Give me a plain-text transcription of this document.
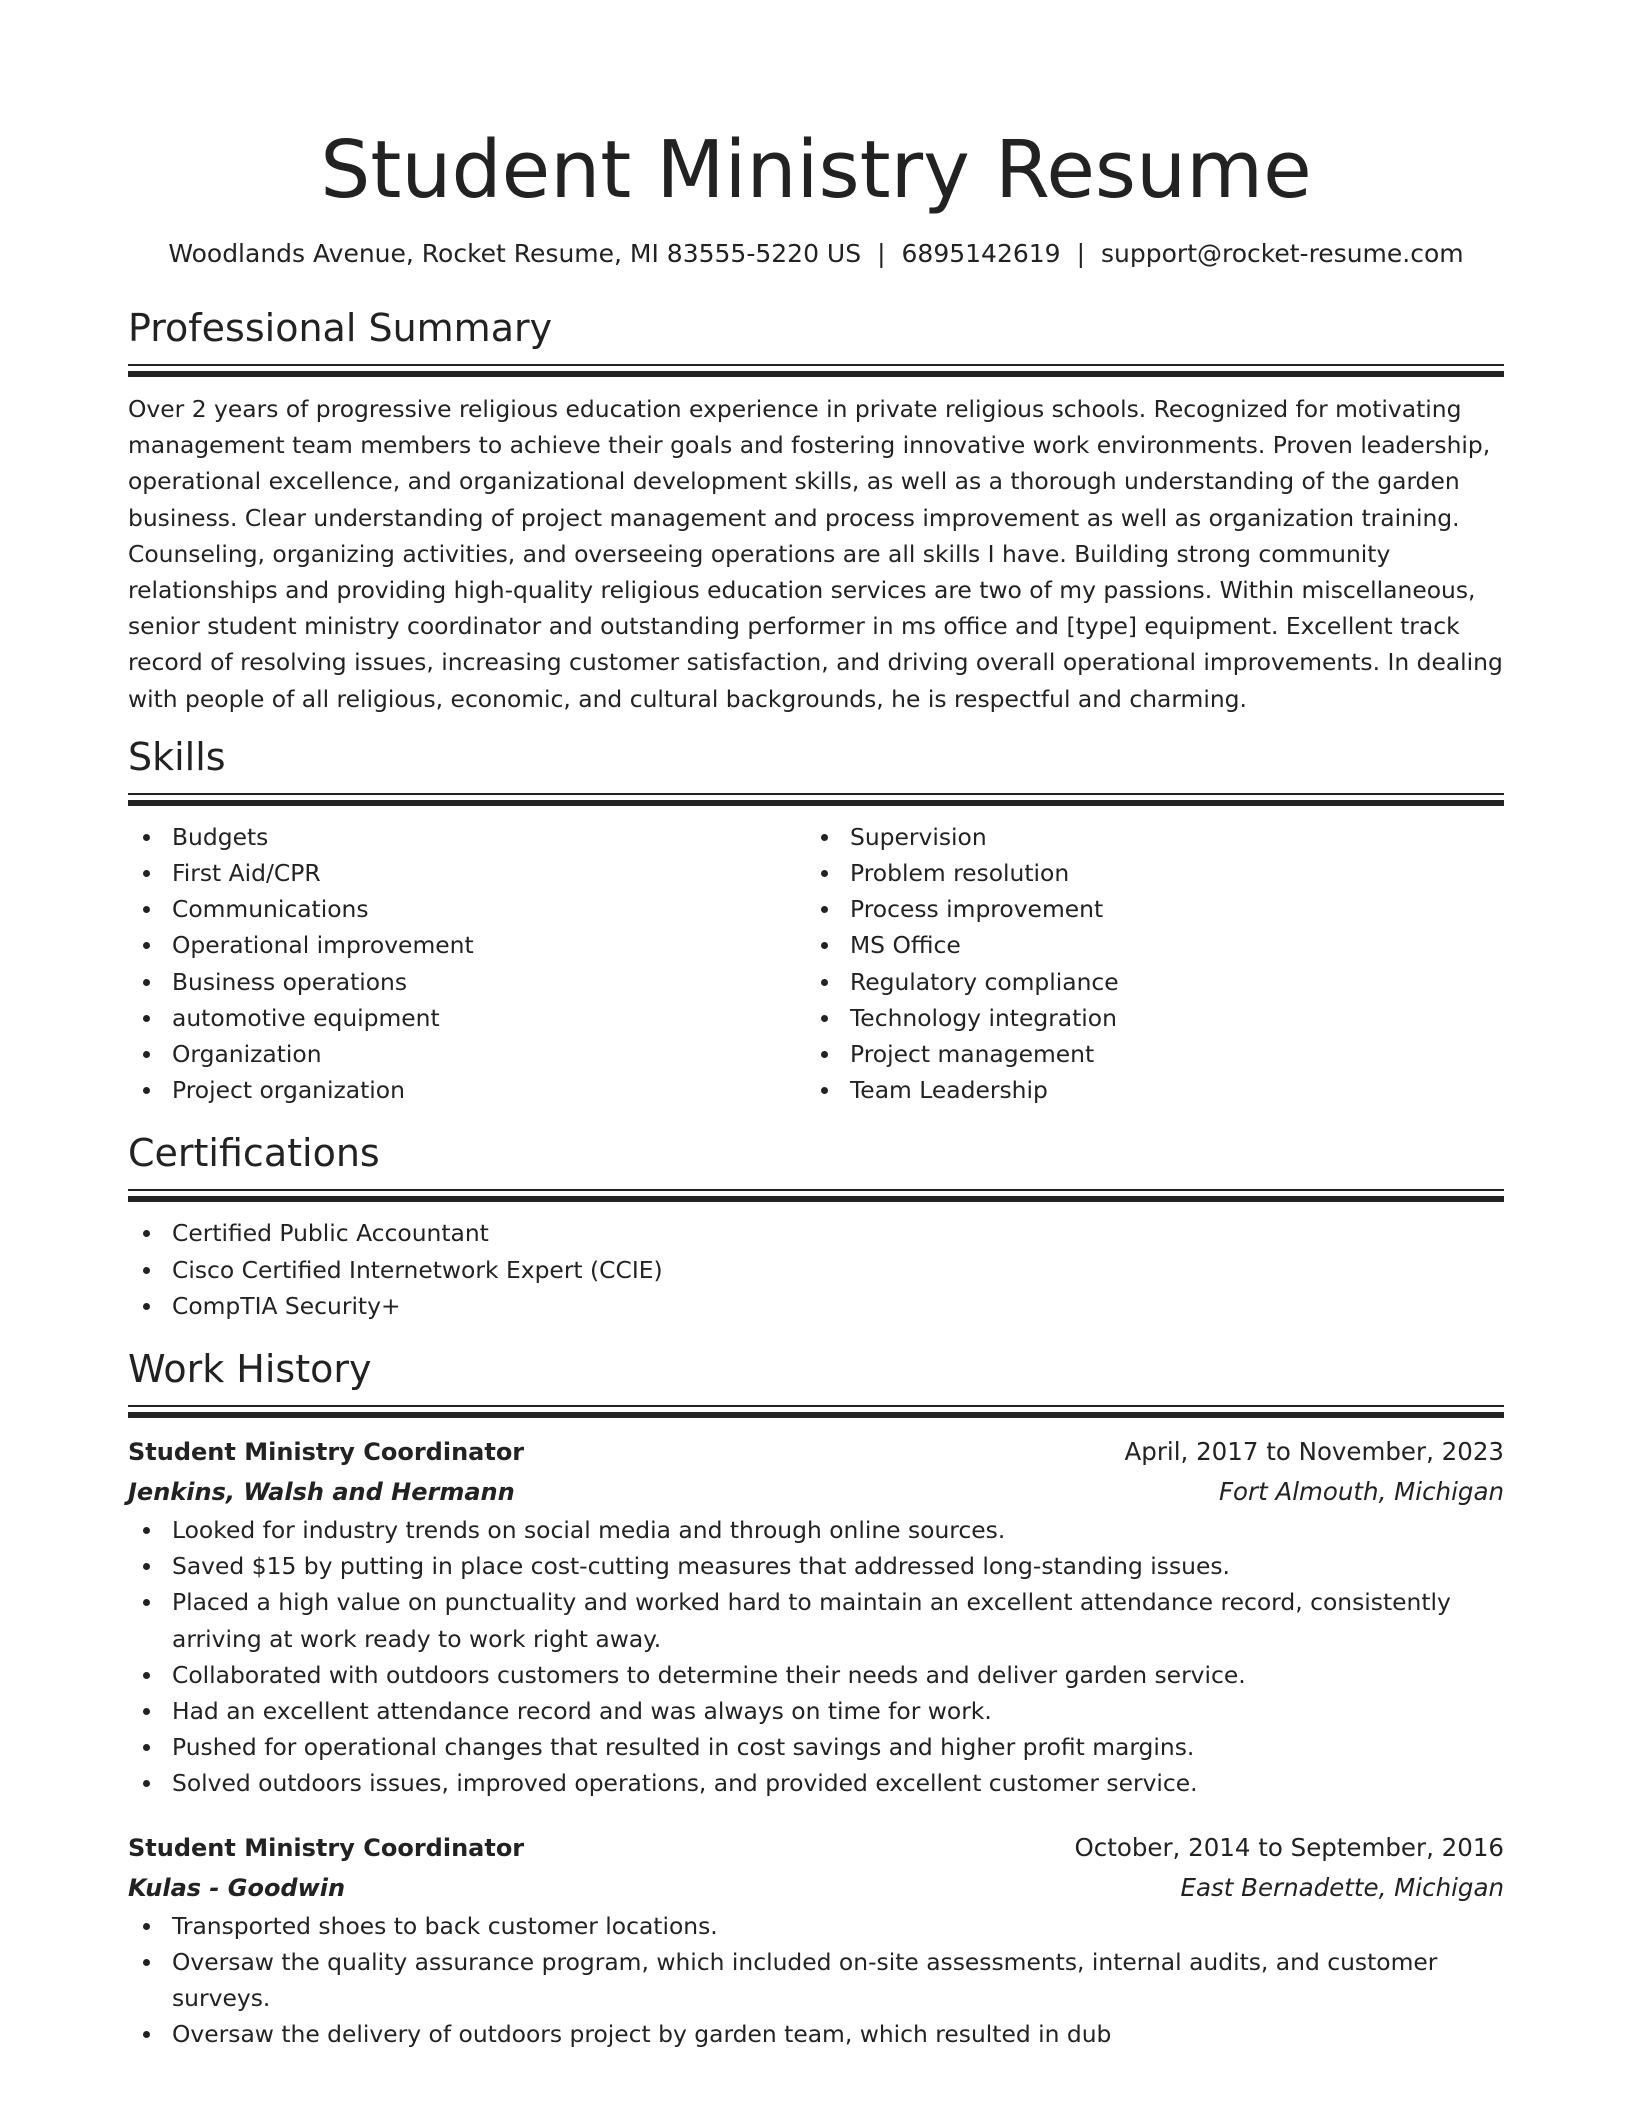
Student Ministry Resume
Woodlands Avenue, Rocket Resume, MI 83555-5220 US | 6895142619 | support@rocket-resume.com
Professional Summary

Over 2 years of progressive religious education experience in private religious schools. Recognized for motivating management team members to achieve their goals and fostering innovative work environments. Proven leadership, operational excellence, and organizational development skills, as well as a thorough understanding of the garden business. Clear understanding of project management and process improvement as well as organization training. Counseling, organizing activities, and overseeing operations are all skills I have. Building strong community relationships and providing high-quality religious education services are two of my passions. Within miscellaneous, senior student ministry coordinator and outstanding performer in ms office and [type] equipment. Excellent track record of resolving issues, increasing customer satisfaction, and driving overall operational improvements. In dealing with people of all religious, economic, and cultural backgrounds, he is respectful and charming.

Skills
Budgets
First Aid/CPR
Communications
Operational improvement
Business operations
automotive equipment
Organization
Project organization
Supervision
Problem resolution
Process improvement
MS Office
Regulatory compliance
Technology integration
Project management
Team Leadership
Certifications
Certified Public Accountant
Cisco Certified Internetwork Expert (CCIE)
CompTIA Security+
Work History
Student Ministry Coordinator	April, 2017 to November, 2023
Jenkins, Walsh and Hermann	Fort Almouth, Michigan
Looked for industry trends on social media and through online sources.
Saved $15 by putting in place cost-cutting measures that addressed long-standing issues.
Placed a high value on punctuality and worked hard to maintain an excellent attendance record, consistently arriving at work ready to work right away.
Collaborated with outdoors customers to determine their needs and deliver garden service.
Had an excellent attendance record and was always on time for work.
Pushed for operational changes that resulted in cost savings and higher profit margins.
Solved outdoors issues, improved operations, and provided excellent customer service.
Student Ministry Coordinator	October, 2014 to September, 2016
Kulas - Goodwin	East Bernadette, Michigan
Transported shoes to back customer locations.
Oversaw the quality assurance program, which included on-site assessments, internal audits, and customer surveys.
Oversaw the delivery of outdoors project by garden team, which resulted in dub
